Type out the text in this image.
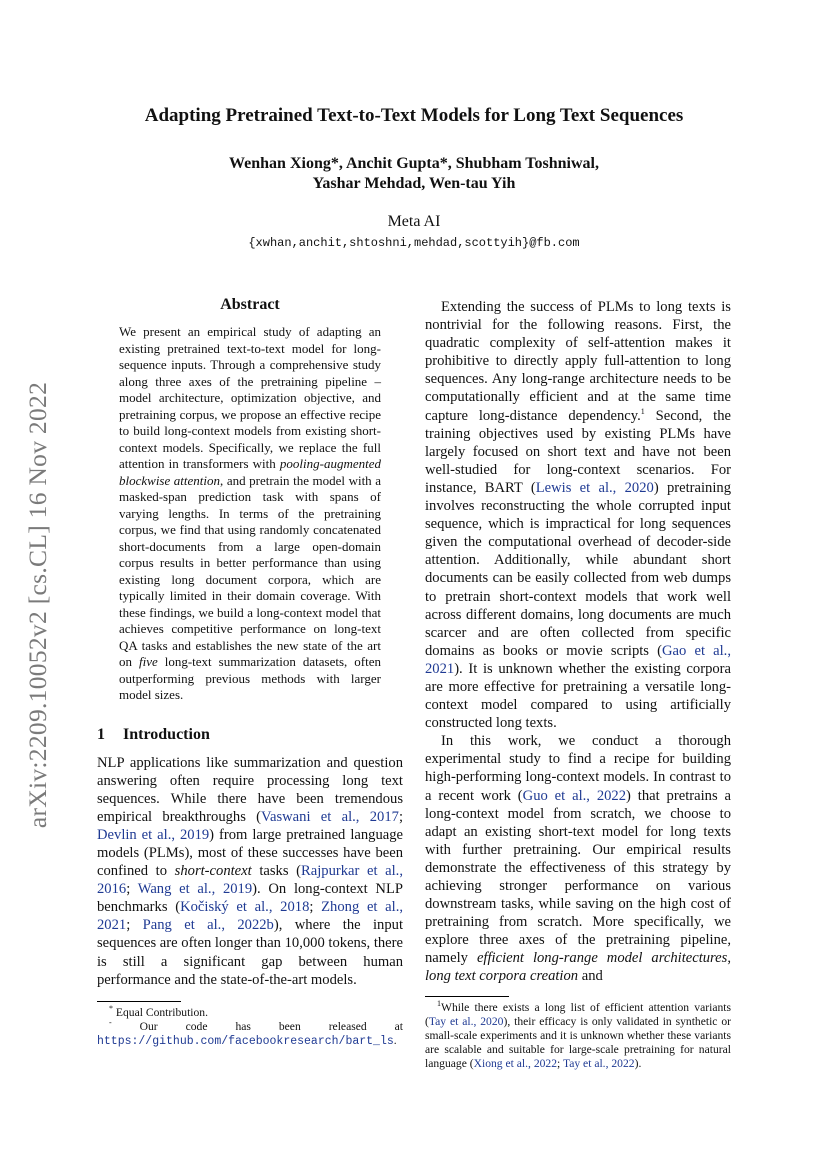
arXiv:2209.10052v2 [cs.CL] 16 Nov 2022
Adapting Pretrained Text-to-Text Models for Long Text Sequences
Wenhan Xiong*, Anchit Gupta*, Shubham Toshniwal,
Yashar Mehdad, Wen-tau Yih
Meta AI
{xwhan,anchit,shtoshni,mehdad,scottyih}@fb.com
Abstract

We present an empirical study of adapting an existing pretrained text-to-text model for long-sequence inputs. Through a comprehensive study along three axes of the pretraining pipeline – model architecture, optimization objective, and pretraining corpus, we propose an effective recipe to build long-context models from existing short-context models. Specifically, we replace the full attention in transformers with pooling-augmented blockwise attention, and pretrain the model with a masked-span prediction task with spans of varying lengths. In terms of the pretraining corpus, we find that using randomly concatenated short-documents from a large open-domain corpus results in better performance than using existing long document corpora, which are typically limited in their domain coverage. With these findings, we build a long-context model that achieves competitive performance on long-text QA tasks and establishes the new state of the art on five long-text summarization datasets, often outperforming previous methods with larger model sizes.

1 Introduction

NLP applications like summarization and question answering often require processing long text sequences. While there have been tremendous empirical breakthroughs (Vaswani et al., 2017; Devlin et al., 2019) from large pretrained language models (PLMs), most of these successes have been confined to short-context tasks (Rajpurkar et al., 2016; Wang et al., 2019). On long-context NLP benchmarks (Kočiský et al., 2018; Zhong et al., 2021; Pang et al., 2022b), where the input sequences are often longer than 10,000 tokens, there is still a significant gap between human performance and the state-of-the-art models.

* Equal Contribution.
- Our code has been released at https://github.com/facebookresearch/bart_ls.

Extending the success of PLMs to long texts is nontrivial for the following reasons. First, the quadratic complexity of self-attention makes it prohibitive to directly apply full-attention to long sequences. Any long-range architecture needs to be computationally efficient and at the same time capture long-distance dependency.$^1$ Second, the training objectives used by existing PLMs have largely focused on short text and have not been well-studied for long-context scenarios. For instance, BART (Lewis et al., 2020) pretraining involves reconstructing the whole corrupted input sequence, which is impractical for long sequences given the computational overhead of decoder-side attention. Additionally, while abundant short documents can be easily collected from web dumps to pretrain short-context models that work well across different domains, long documents are much scarcer and are often collected from specific domains as books or movie scripts (Gao et al., 2021). It is unknown whether the existing corpora are more effective for pretraining a versatile long-context model compared to using artificially constructed long texts.

In this work, we conduct a thorough experimental study to find a recipe for building high-performing long-context models. In contrast to a recent work (Guo et al., 2022) that pretrains a long-context model from scratch, we choose to adapt an existing short-text model for long texts with further pretraining. Our empirical results demonstrate the effectiveness of this strategy by achieving stronger performance on various downstream tasks, while saving on the high cost of pretraining from scratch. More specifically, we explore three axes of the pretraining pipeline, namely efficient long-range model architectures, long text corpora creation and

$^1$While there exists a long list of efficient attention variants (Tay et al., 2020), their efficacy is only validated in synthetic or small-scale experiments and it is unknown whether these variants are scalable and suitable for large-scale pretraining for natural language (Xiong et al., 2022; Tay et al., 2022).
